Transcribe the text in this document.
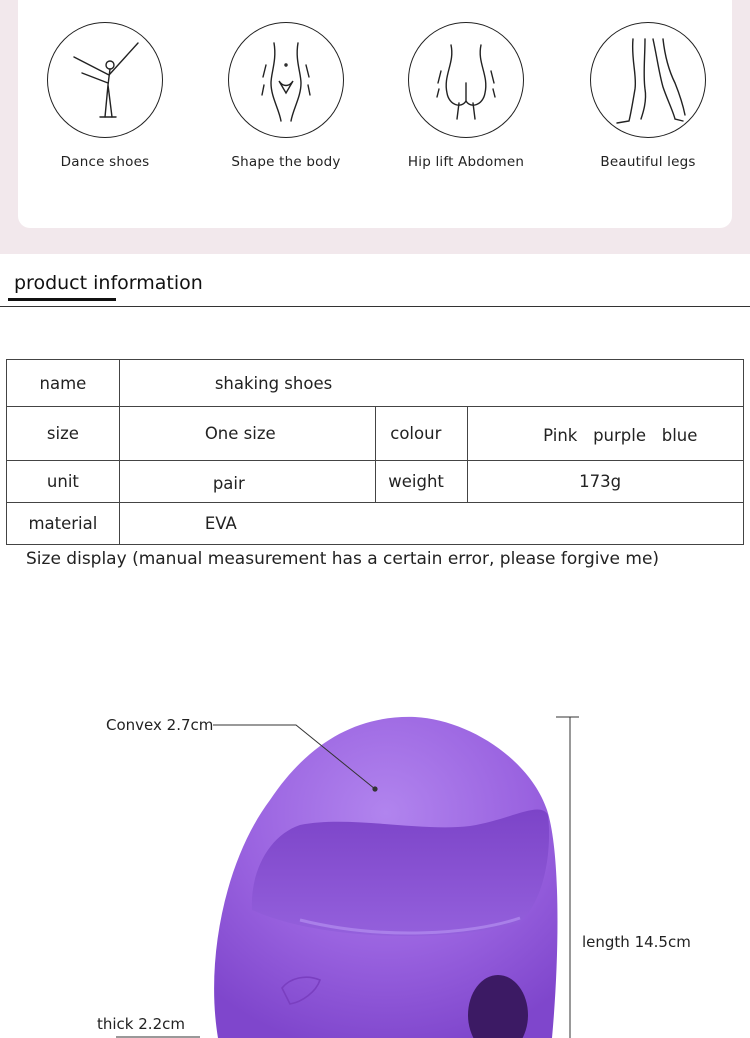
Dance shoes	Shape the body	Hip lift Abdomen	Beautiful legs
product information
name	shaking shoes		
size	One size	colour	Pink   purple   blue
unit	pair	weight	173g
material	EVA		
Size display (manual measurement has a certain error, please forgive me)
Convex 2.7cm
length 14.5cm
thick 2.2cm
